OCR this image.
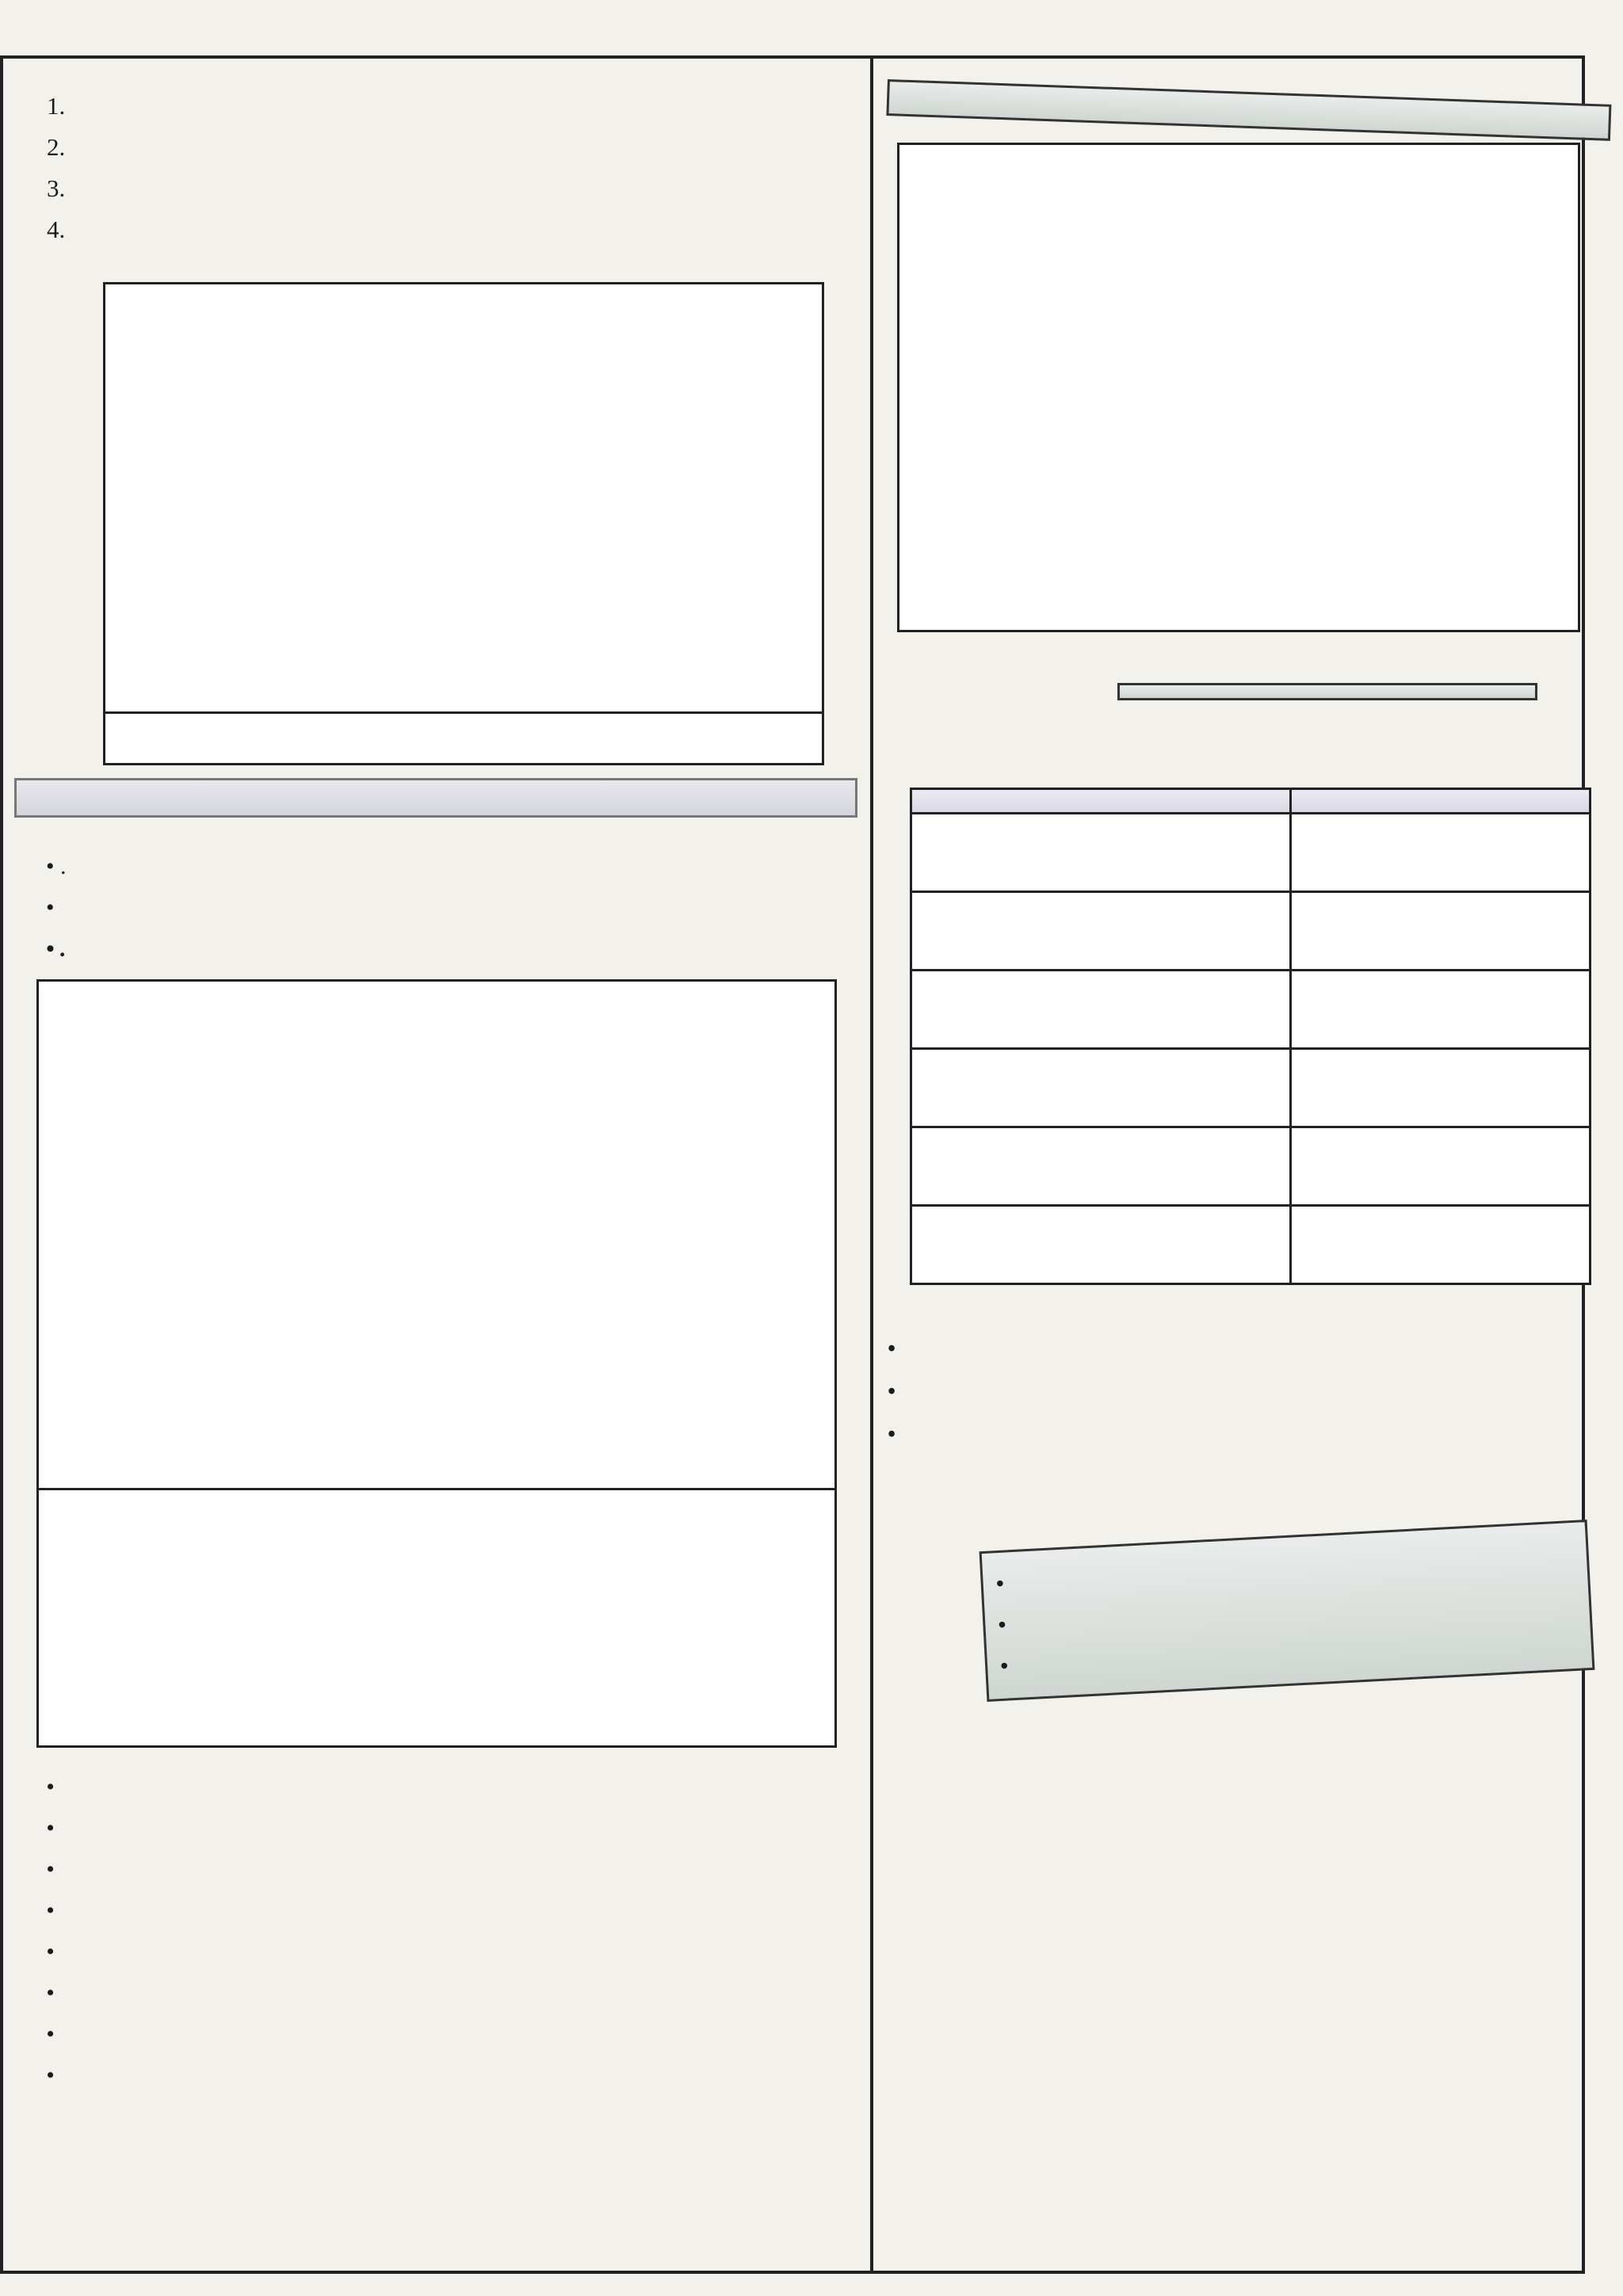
1.
2.
3.
4.
• .
•
• .
•
•
•
•
•
•
•
•

•
•
•
•
•
•
